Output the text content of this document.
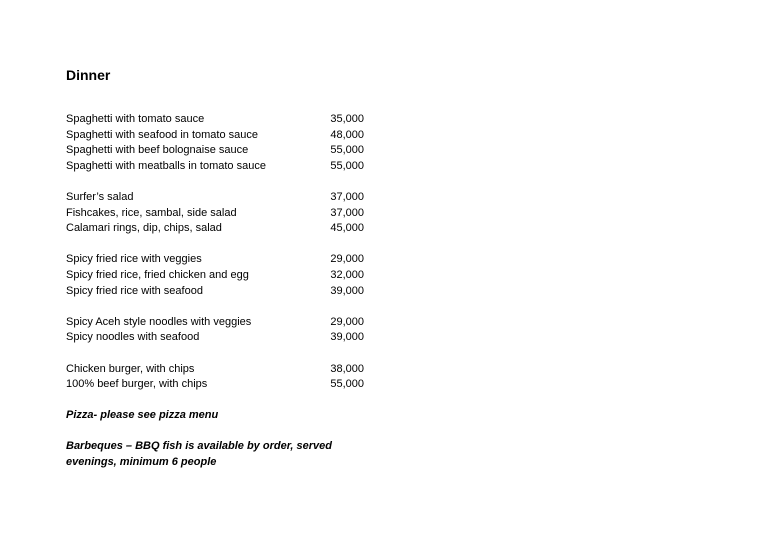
Dinner
Spaghetti with tomato sauce	35,000
Spaghetti with seafood in tomato sauce	48,000
Spaghetti with beef bolognaise sauce	55,000
Spaghetti with meatballs in tomato sauce	55,000
Surfer’s salad	37,000
Fishcakes, rice, sambal, side salad	37,000
Calamari rings, dip, chips, salad	45,000
Spicy fried rice with veggies	29,000
Spicy fried rice, fried chicken and egg	32,000
Spicy fried rice with seafood	39,000
Spicy Aceh style noodles with veggies	29,000
Spicy noodles with seafood	39,000
Chicken burger, with chips	38,000
100% beef burger, with chips	55,000
Pizza- please see pizza menu
Barbeques – BBQ fish is available by order, served evenings, minimum 6 people
